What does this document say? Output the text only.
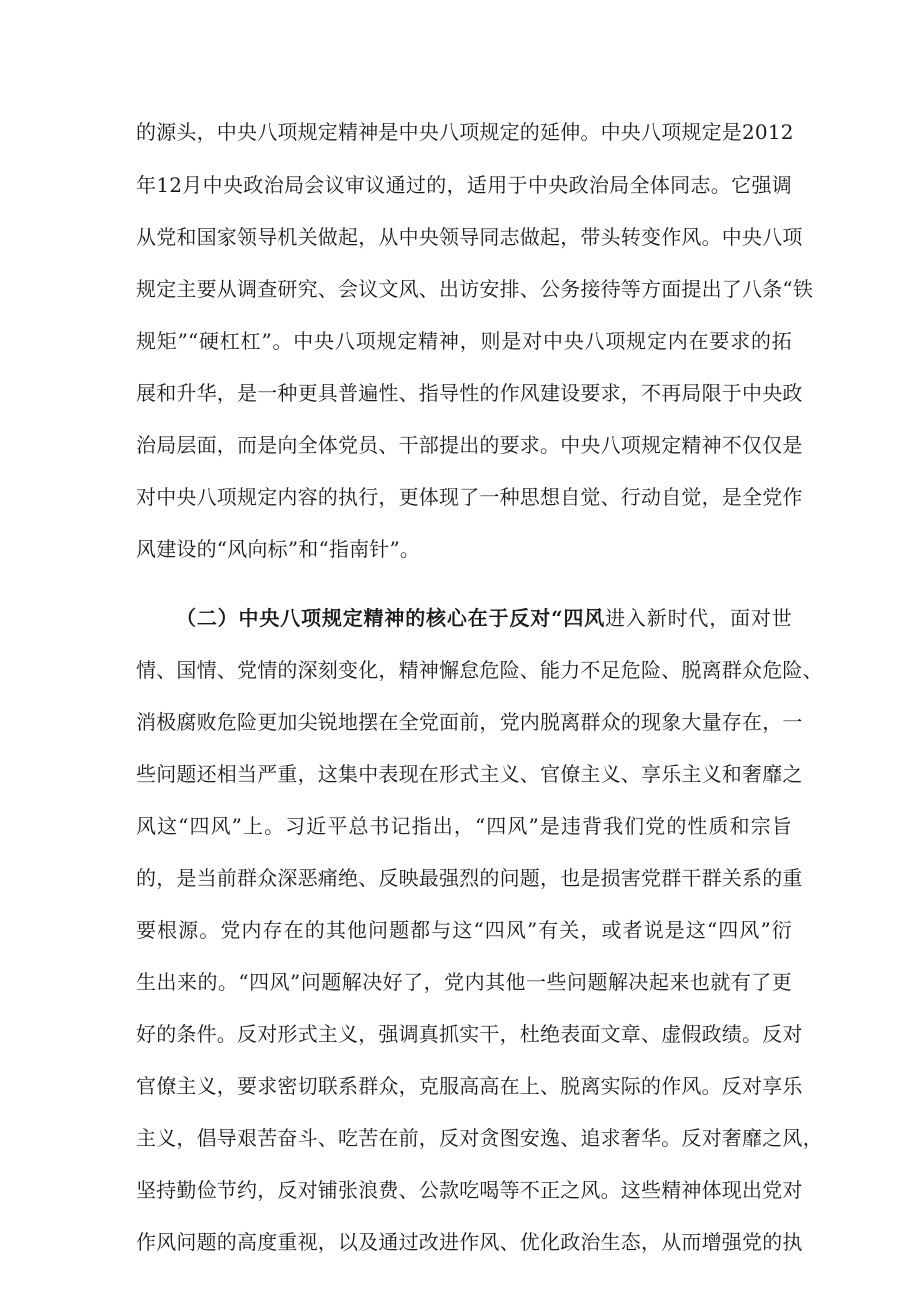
的源头，中央八项规定精神是中央八项规定的延伸。中央八项规定是2012
年12月中央政治局会议审议通过的，适用于中央政治局全体同志。它强调
从党和国家领导机关做起，从中央领导同志做起，带头转变作风。中央八项
规定主要从调查研究、会议文风、出访安排、公务接待等方面提出了八条“铁
规矩”“硬杠杠”。中央八项规定精神，则是对中央八项规定内在要求的拓
展和升华，是一种更具普遍性、指导性的作风建设要求，不再局限于中央政
治局层面，而是向全体党员、干部提出的要求。中央八项规定精神不仅仅是
对中央八项规定内容的执行，更体现了一种思想自觉、行动自觉，是全党作
风建设的“风向标”和“指南针”。
（二）中央八项规定精神的核心在于反对“四风进入新时代，面对世
情、国情、党情的深刻变化，精神懈怠危险、能力不足危险、脱离群众危险、
消极腐败危险更加尖锐地摆在全党面前，党内脱离群众的现象大量存在，一
些问题还相当严重，这集中表现在形式主义、官僚主义、享乐主义和奢靡之
风这“四风”上。习近平总书记指出，“四风”是违背我们党的性质和宗旨
的，是当前群众深恶痛绝、反映最强烈的问题，也是损害党群干群关系的重
要根源。党内存在的其他问题都与这“四风”有关，或者说是这“四风”衍
生出来的。“四风”问题解决好了，党内其他一些问题解决起来也就有了更
好的条件。反对形式主义，强调真抓实干，杜绝表面文章、虚假政绩。反对
官僚主义，要求密切联系群众，克服高高在上、脱离实际的作风。反对享乐
主义，倡导艰苦奋斗、吃苦在前，反对贪图安逸、追求奢华。反对奢靡之风，
坚持勤俭节约，反对铺张浪费、公款吃喝等不正之风。这些精神体现出党对
作风问题的高度重视，以及通过改进作风、优化政治生态，从而增强党的执
